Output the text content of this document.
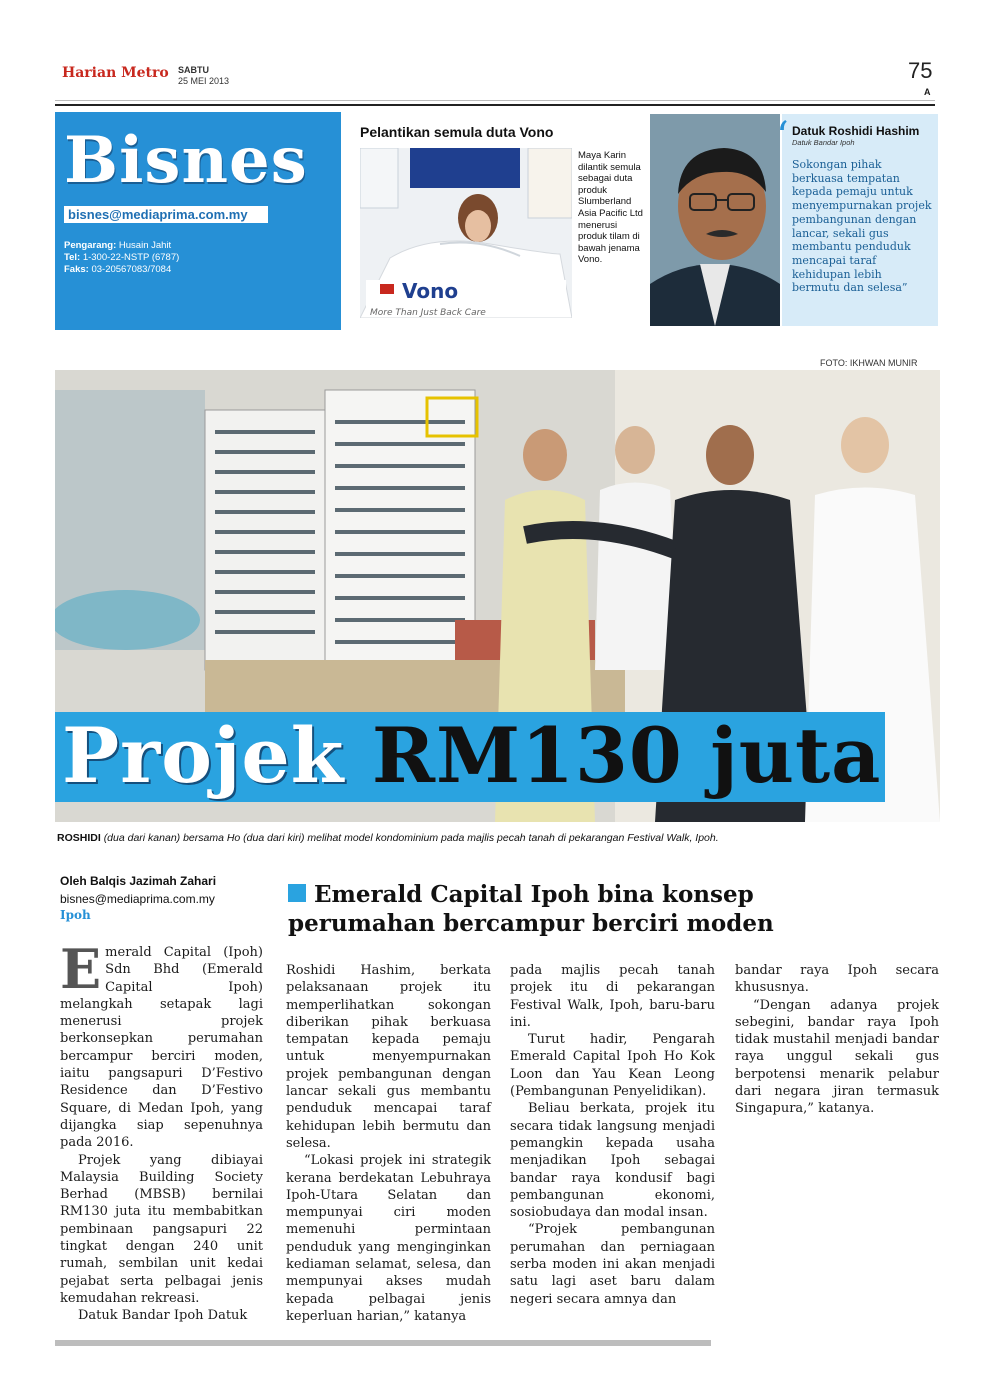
Harian Metro SABTU
25 MEI 2013
	75
A
Bisnes
bisnes@mediaprima.com.my
Pengarang: Husain Jahit
Tel: 1-300-22-NSTP (6787)
Faks: 03-20567083/7084
Pelantikan semula duta Vono
Vono
More Than Just Back Care
Maya Karin dilantik semula sebagai duta produk Slumberland Asia Pacific Ltd menerusi produk tilam di bawah jenama Vono.
‘ Datuk Roshidi Hashim
Datuk Bandar Ipoh
Sokongan pihak berkuasa tempatan kepada pemaju untuk menyempurnakan projek pembangunan dengan lancar, sekali gus membantu penduduk mencapai taraf kehidupan lebih bermutu dan selesa”
FOTO: IKHWAN MUNIR
Projek RM130 juta
ROSHIDI (dua dari kanan) bersama Ho (dua dari kiri) melihat model kondominium pada majlis pecah tanah di pekarangan Festival Walk, Ipoh.
Oleh Balqis Jazimah Zahari
bisnes@mediaprima.com.my
Ipoh
Emerald Capital Ipoh bina konsep
perumahan bercampur berciri moden
E merald Capital (Ipoh) Sdn Bhd (Emerald Capital Ipoh) melangkah setapak lagi menerusi projek berkonsepkan perumahan bercampur berciri moden, iaitu pangsapuri D’Festivo Residence dan D’Festivo Square, di Medan Ipoh, yang dijangka siap sepenuhnya pada 2016.

Projek yang dibiayai Malaysia Building Society Berhad (MBSB) bernilai RM130 juta itu membabitkan pembinaan pangsapuri 22 tingkat dengan 240 unit rumah, sembilan unit kedai pejabat serta pelbagai jenis kemudahan rekreasi.

Datuk Bandar Ipoh Datuk

Roshidi Hashim, berkata pelaksanaan projek itu memperlihatkan sokongan diberikan pihak berkuasa tempatan kepada pemaju untuk menyempurnakan projek pembangunan dengan lancar sekali gus membantu penduduk mencapai taraf kehidupan lebih bermutu dan selesa.

“Lokasi projek ini strategik kerana berdekatan Lebuhraya Ipoh-Utara Selatan dan mempunyai ciri moden memenuhi permintaan penduduk yang menginginkan kediaman selamat, selesa, dan mempunyai akses mudah kepada pelbagai jenis keperluan harian,” katanya

pada majlis pecah tanah projek itu di pekarangan Festival Walk, Ipoh, baru-baru ini.

Turut hadir, Pengarah Emerald Capital Ipoh Ho Kok Loon dan Yau Kean Leong (Pembangunan Penyelidikan).

Beliau berkata, projek itu secara tidak langsung menjadi pemangkin kepada usaha menjadikan Ipoh sebagai bandar raya kondusif bagi pembangunan ekonomi, sosiobudaya dan modal insan.

“Projek pembangunan perumahan dan perniagaan serba moden ini akan menjadi satu lagi aset baru dalam negeri secara amnya dan

bandar raya Ipoh secara khususnya.

“Dengan adanya projek sebegini, bandar raya Ipoh tidak mustahil menjadi bandar raya unggul sekali gus berpotensi menarik pelabur dari negara jiran termasuk Singapura,” katanya.
